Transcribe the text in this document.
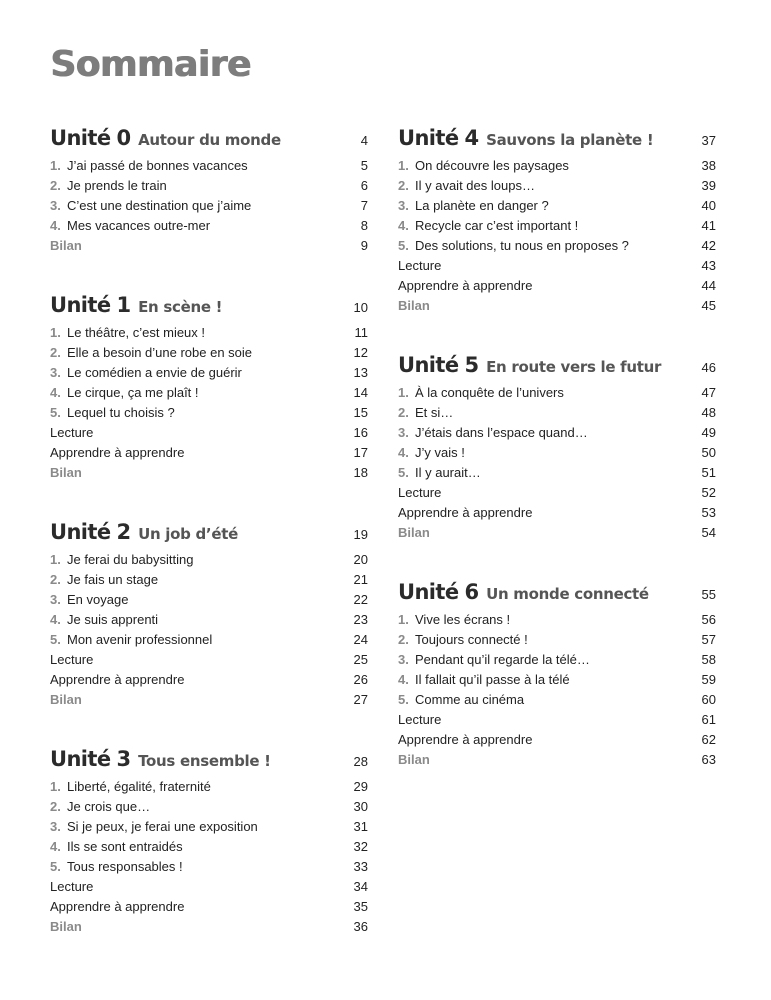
Sommaire
Unité 0 Autour du monde	4
1. J’ai passé de bonnes vacances	5
2. Je prends le train	6
3. C’est une destination que j’aime	7
4. Mes vacances outre-mer	8
Bilan	9
Unité 1 En scène !	10
1. Le théâtre, c’est mieux !	11
2. Elle a besoin d’une robe en soie	12
3. Le comédien a envie de guérir	13
4. Le cirque, ça me plaît !	14
5. Lequel tu choisis ?	15
Lecture	16
Apprendre à apprendre	17
Bilan	18
Unité 2 Un job d’été	19
1. Je ferai du babysitting	20
2. Je fais un stage	21
3. En voyage	22
4. Je suis apprenti	23
5. Mon avenir professionnel	24
Lecture	25
Apprendre à apprendre	26
Bilan	27
Unité 3 Tous ensemble !	28
1. Liberté, égalité, fraternité	29
2. Je crois que…	30
3. Si je peux, je ferai une exposition	31
4. Ils se sont entraidés	32
5. Tous responsables !	33
Lecture	34
Apprendre à apprendre	35
Bilan	36
Unité 4 Sauvons la planète !	37
1. On découvre les paysages	38
2. Il y avait des loups…	39
3. La planète en danger ?	40
4. Recycle car c’est important !	41
5. Des solutions, tu nous en proposes ?	42
Lecture	43
Apprendre à apprendre	44
Bilan	45
Unité 5 En route vers le futur	46
1. À la conquête de l’univers	47
2. Et si…	48
3. J’étais dans l’espace quand…	49
4. J’y vais !	50
5. Il y aurait…	51
Lecture	52
Apprendre à apprendre	53
Bilan	54
Unité 6 Un monde connecté	55
1. Vive les écrans !	56
2. Toujours connecté !	57
3. Pendant qu’il regarde la télé…	58
4. Il fallait qu’il passe à la télé	59
5. Comme au cinéma	60
Lecture	61
Apprendre à apprendre	62
Bilan	63
